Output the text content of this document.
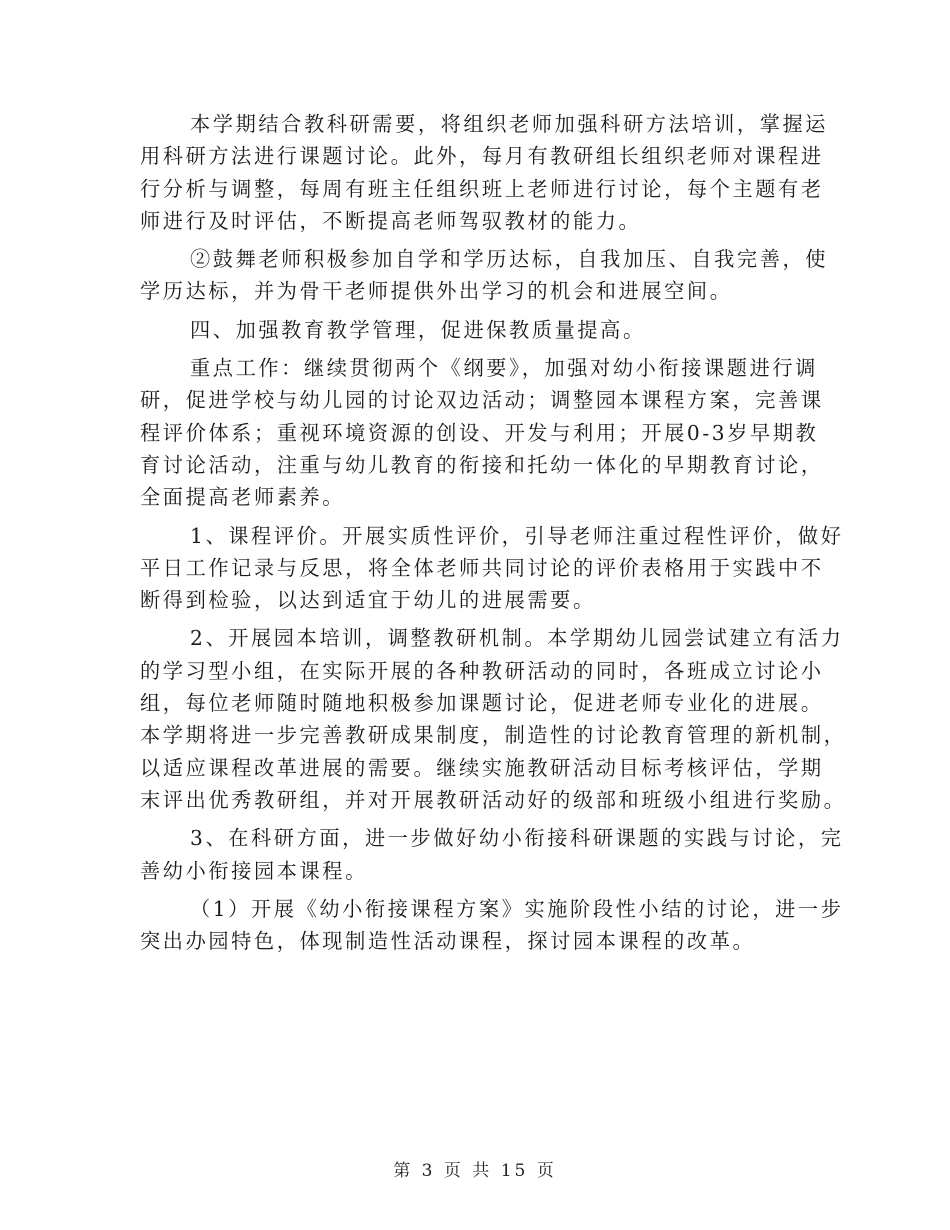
本学期结合教科研需要，将组织老师加强科研方法培训，掌握运
用科研方法进行课题讨论。此外，每月有教研组长组织老师对课程进
行分析与调整，每周有班主任组织班上老师进行讨论，每个主题有老
师进行及时评估，不断提高老师驾驭教材的能力。
②鼓舞老师积极参加自学和学历达标，自我加压、自我完善，使
学历达标，并为骨干老师提供外出学习的机会和进展空间。
四、加强教育教学管理，促进保教质量提高。
重点工作：继续贯彻两个《纲要》，加强对幼小衔接课题进行调
研，促进学校与幼儿园的讨论双边活动；调整园本课程方案，完善课
程评价体系；重视环境资源的创设、开发与利用；开展0-3岁早期教
育讨论活动，注重与幼儿教育的衔接和托幼一体化的早期教育讨论，
全面提高老师素养。
1、课程评价。开展实质性评价，引导老师注重过程性评价，做好
平日工作记录与反思，将全体老师共同讨论的评价表格用于实践中不
断得到检验，以达到适宜于幼儿的进展需要。
2、开展园本培训，调整教研机制。本学期幼儿园尝试建立有活力
的学习型小组，在实际开展的各种教研活动的同时，各班成立讨论小
组，每位老师随时随地积极参加课题讨论，促进老师专业化的进展。
本学期将进一步完善教研成果制度，制造性的讨论教育管理的新机制，
以适应课程改革进展的需要。继续实施教研活动目标考核评估，学期
末评出优秀教研组，并对开展教研活动好的级部和班级小组进行奖励。
3、在科研方面，进一步做好幼小衔接科研课题的实践与讨论，完
善幼小衔接园本课程。
（1）开展《幼小衔接课程方案》实施阶段性小结的讨论，进一步
突出办园特色，体现制造性活动课程，探讨园本课程的改革。
第 3 页 共 15 页
